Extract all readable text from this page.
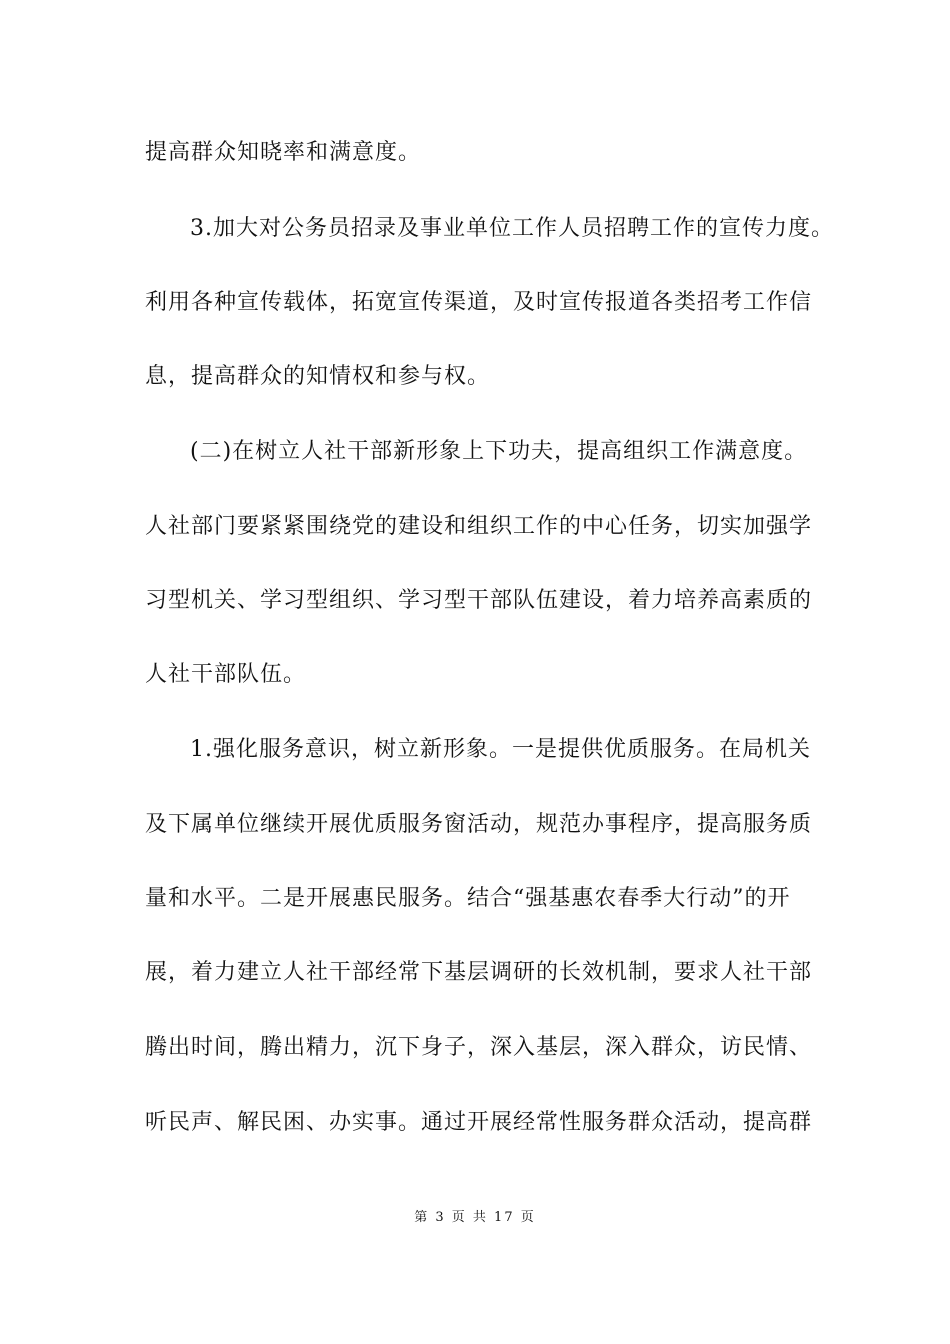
提高群众知晓率和满意度。
3.加大对公务员招录及事业单位工作人员招聘工作的宣传力度。
利用各种宣传载体，拓宽宣传渠道，及时宣传报道各类招考工作信
息，提高群众的知情权和参与权。
(二)在树立人社干部新形象上下功夫，提高组织工作满意度。
人社部门要紧紧围绕党的建设和组织工作的中心任务，切实加强学
习型机关、学习型组织、学习型干部队伍建设，着力培养高素质的
人社干部队伍。
1.强化服务意识，树立新形象。一是提供优质服务。在局机关
及下属单位继续开展优质服务窗活动，规范办事程序，提高服务质
量和水平。二是开展惠民服务。结合“强基惠农春季大行动”的开
展，着力建立人社干部经常下基层调研的长效机制，要求人社干部
腾出时间，腾出精力，沉下身子，深入基层，深入群众，访民情、
听民声、解民困、办实事。通过开展经常性服务群众活动，提高群
第 3 页 共 17 页
